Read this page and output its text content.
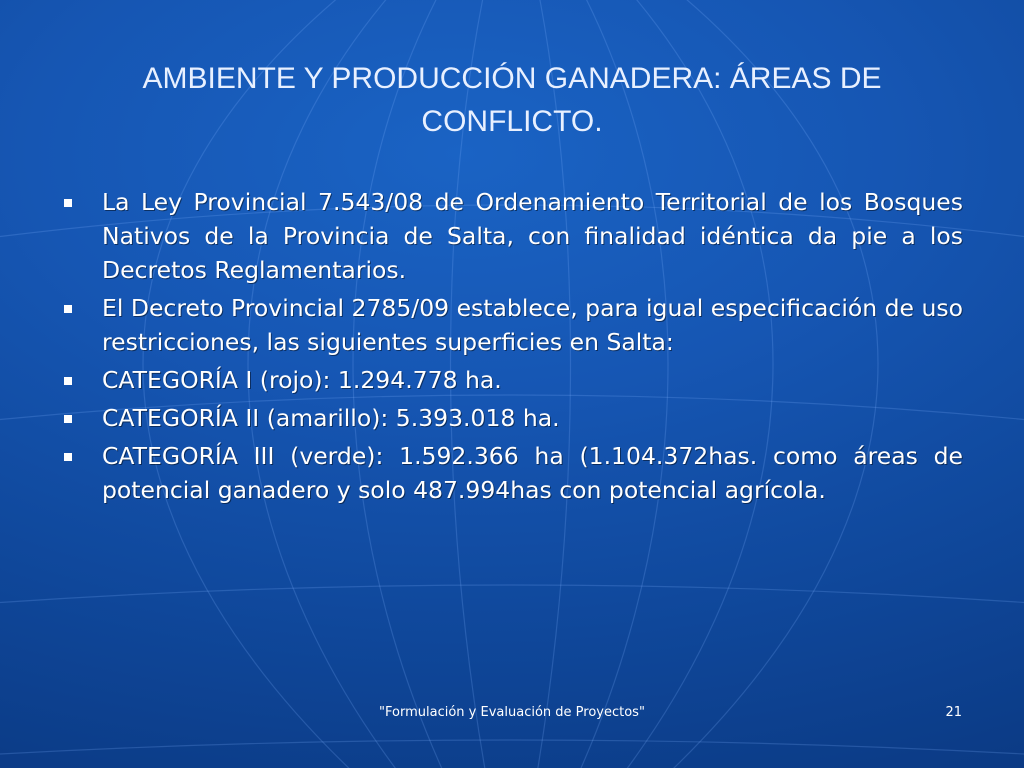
AMBIENTE Y PRODUCCIÓN GANADERA: ÁREAS DE CONFLICTO.
La Ley Provincial 7.543/08 de Ordenamiento Territorial de los Bosques Nativos de la Provincia de Salta, con finalidad idéntica da pie a los Decretos Reglamentarios.
El Decreto Provincial 2785/09 establece, para igual especificación de uso restricciones, las siguientes superficies en Salta:
CATEGORÍA I (rojo): 1.294.778 ha.
CATEGORÍA II (amarillo): 5.393.018 ha.
CATEGORÍA III (verde): 1.592.366 ha (1.104.372has. como áreas de potencial ganadero y solo 487.994has con potencial agrícola.
"Formulación y Evaluación de Proyectos"	21
